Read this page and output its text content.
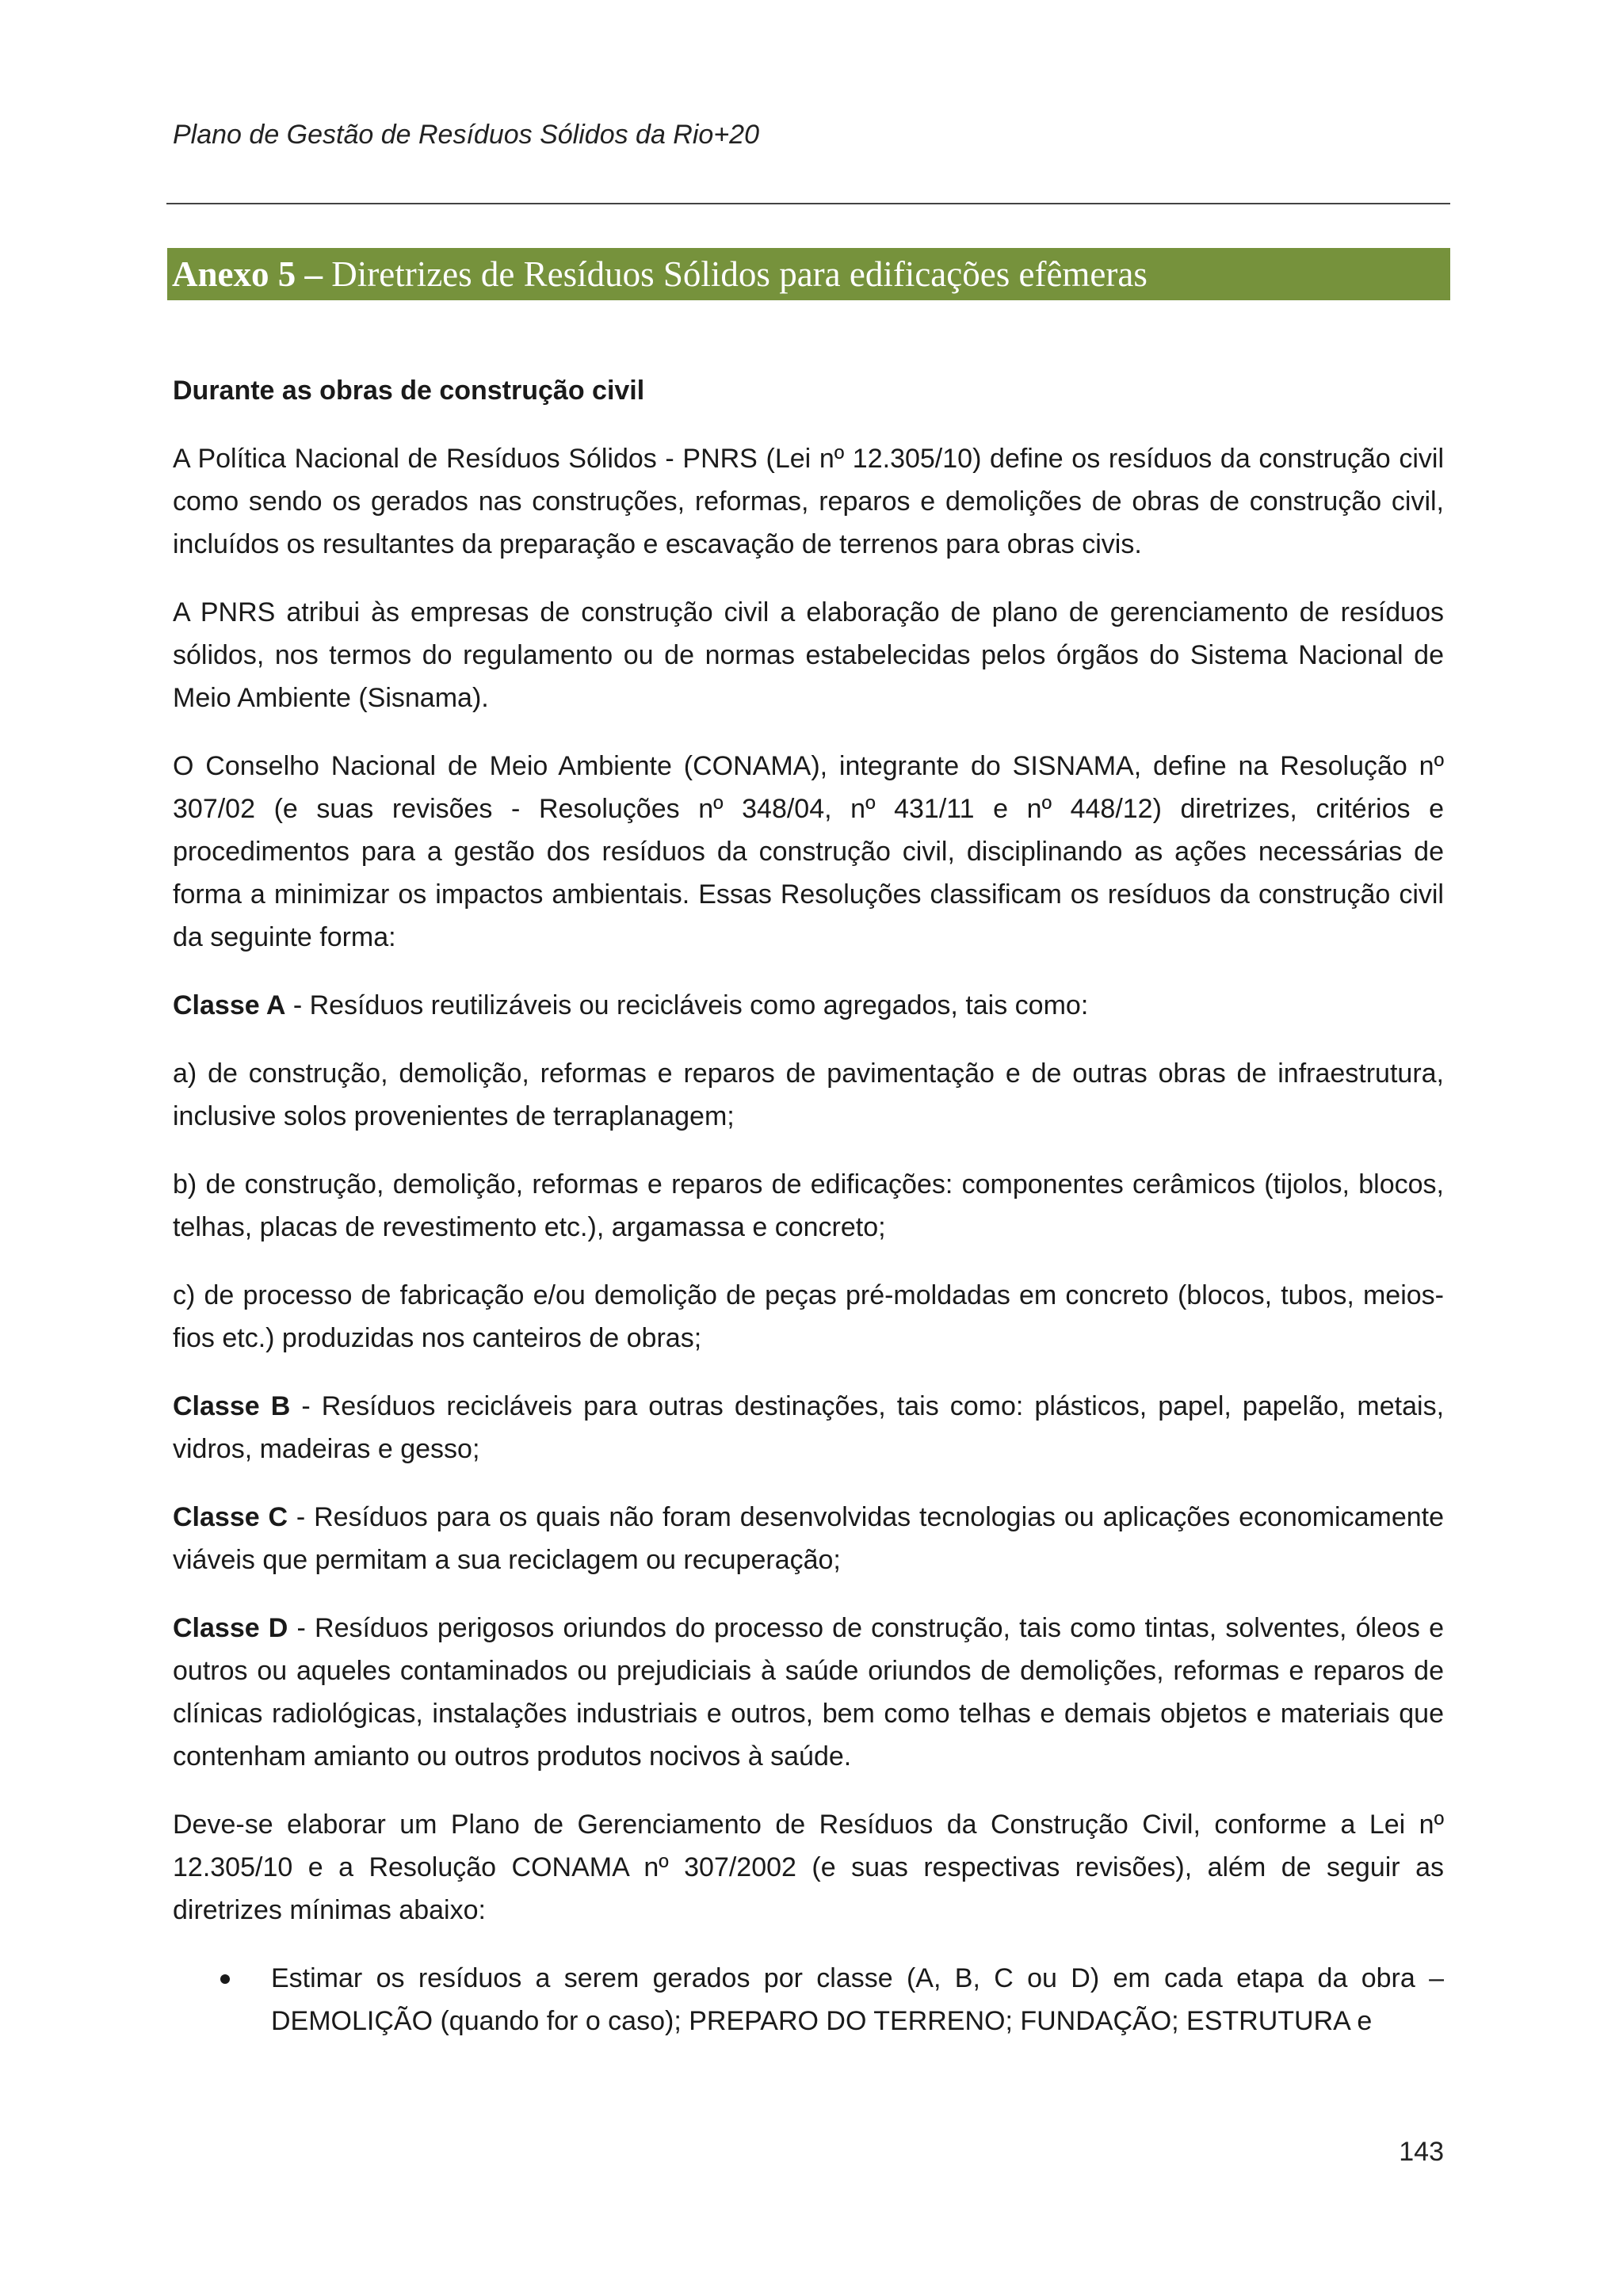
Plano de Gestão de Resíduos Sólidos da Rio+20
Anexo 5 – Diretrizes de Resíduos Sólidos para edificações efêmeras
Durante as obras de construção civil

A Política Nacional de Resíduos Sólidos - PNRS (Lei nº 12.305/10) define os resíduos da construção civil como sendo os gerados nas construções, reformas, reparos e demolições de obras de construção civil, incluídos os resultantes da preparação e escavação de terrenos para obras civis.

A PNRS atribui às empresas de construção civil a elaboração de plano de gerenciamento de resíduos sólidos, nos termos do regulamento ou de normas estabelecidas pelos órgãos do Sistema Nacional de Meio Ambiente (Sisnama).

O Conselho Nacional de Meio Ambiente (CONAMA), integrante do SISNAMA, define na Resolução nº 307/02 (e suas revisões - Resoluções nº 348/04, nº 431/11 e nº 448/12) diretrizes, critérios e procedimentos para a gestão dos resíduos da construção civil, disciplinando as ações necessárias de forma a minimizar os impactos ambientais. Essas Resoluções classificam os resíduos da construção civil da seguinte forma:

Classe A - Resíduos reutilizáveis ou recicláveis como agregados, tais como:

a) de construção, demolição, reformas e reparos de pavimentação e de outras obras de infraestrutura, inclusive solos provenientes de terraplanagem;

b) de construção, demolição, reformas e reparos de edificações: componentes cerâmicos (tijolos, blocos, telhas, placas de revestimento etc.), argamassa e concreto;

c) de processo de fabricação e/ou demolição de peças pré-moldadas em concreto (blocos, tubos, meios-fios etc.) produzidas nos canteiros de obras;

Classe B - Resíduos recicláveis para outras destinações, tais como: plásticos, papel, papelão, metais, vidros, madeiras e gesso;

Classe C - Resíduos para os quais não foram desenvolvidas tecnologias ou aplicações economicamente viáveis que permitam a sua reciclagem ou recuperação;

Classe D - Resíduos perigosos oriundos do processo de construção, tais como tintas, solventes, óleos e outros ou aqueles contaminados ou prejudiciais à saúde oriundos de demolições, reformas e reparos de clínicas radiológicas, instalações industriais e outros, bem como telhas e demais objetos e materiais que contenham amianto ou outros produtos nocivos à saúde.

Deve-se elaborar um Plano de Gerenciamento de Resíduos da Construção Civil, conforme a Lei nº 12.305/10 e a Resolução CONAMA nº 307/2002 (e suas respectivas revisões), além de seguir as diretrizes mínimas abaixo:

Estimar os resíduos a serem gerados por classe (A, B, C ou D) em cada etapa da obra – DEMOLIÇÃO (quando for o caso); PREPARO DO TERRENO; FUNDAÇÃO; ESTRUTURA e
143
